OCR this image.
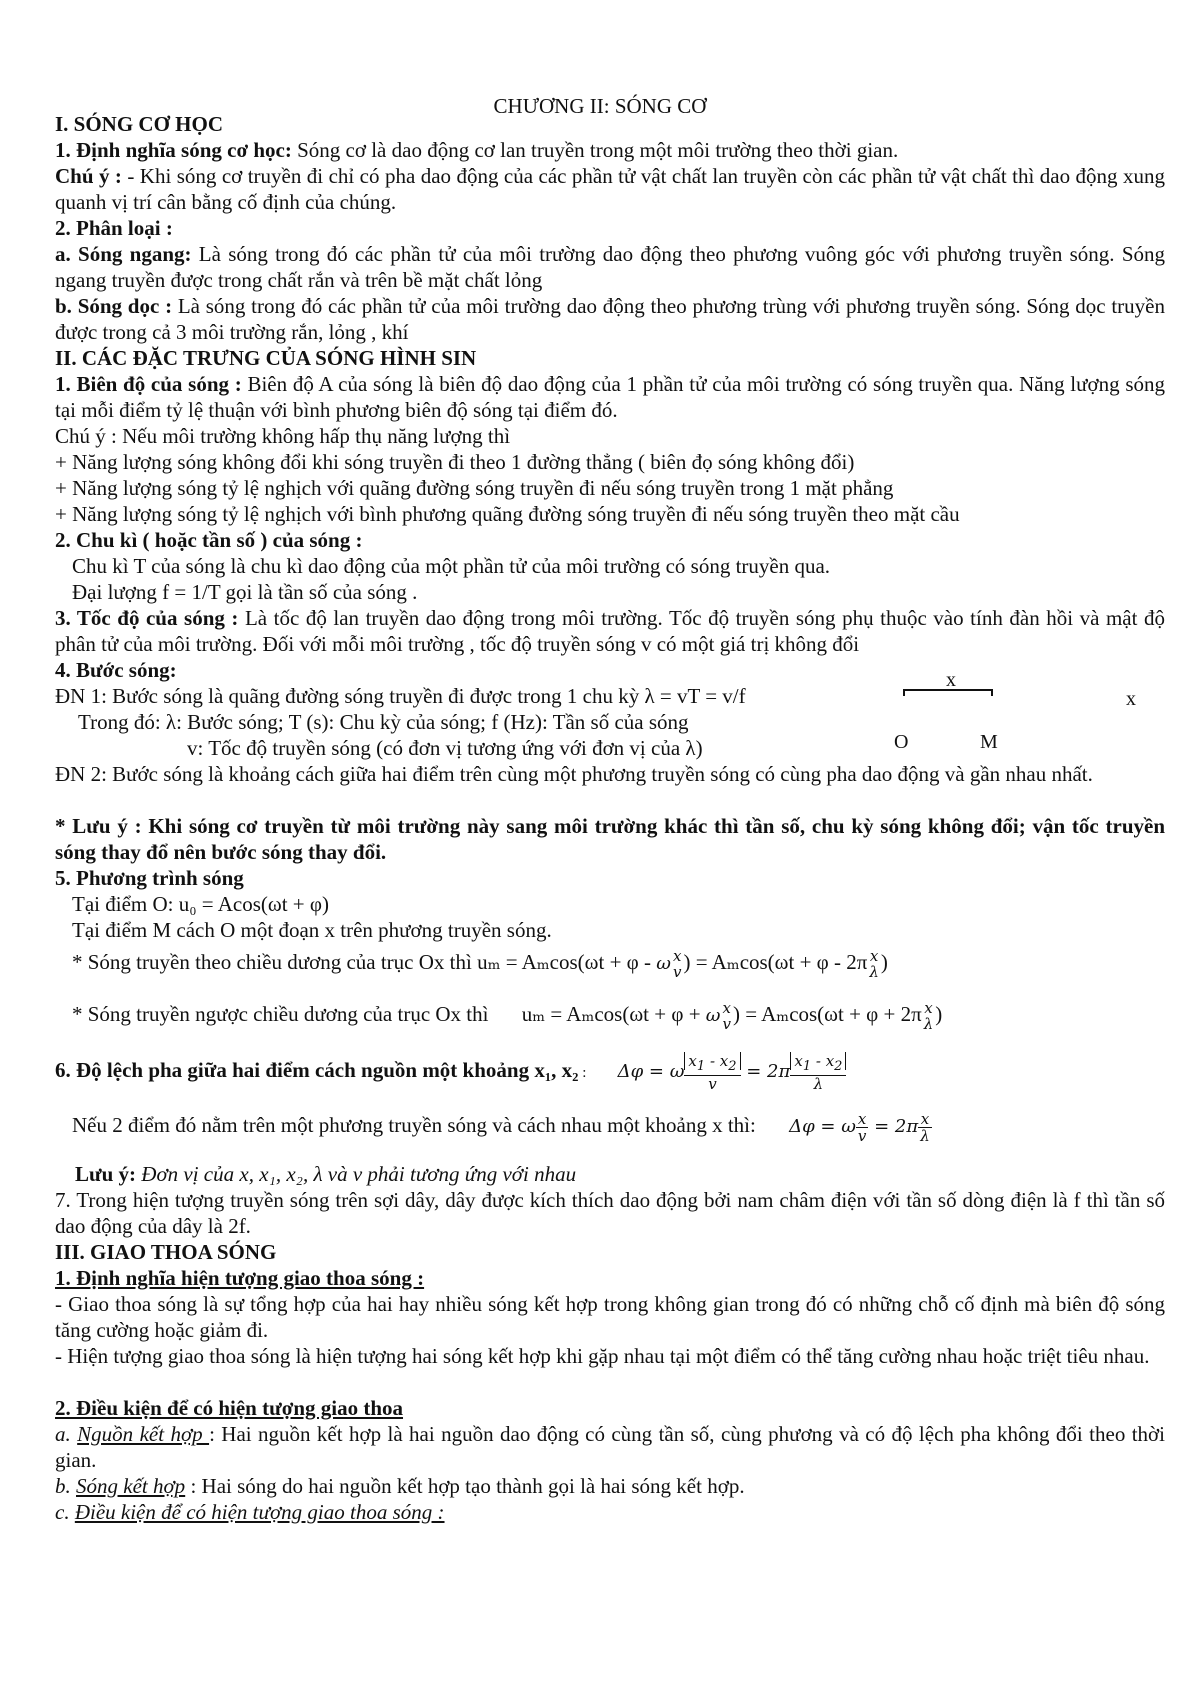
CHƯƠNG II: SÓNG CƠ
I. SÓNG CƠ HỌC
1. Định nghĩa sóng cơ học: Sóng cơ là dao động cơ lan truyền trong một môi trường theo thời gian.
Chú ý : - Khi sóng cơ truyền đi chỉ có pha dao động của các phần tử vật chất lan truyền còn các phần tử vật chất thì dao động xung quanh vị trí cân bằng cố định của chúng.
2. Phân loại :
a. Sóng ngang: Là sóng trong đó các phần tử của môi trường dao động theo phương vuông góc với phương truyền sóng. Sóng ngang truyền được trong chất rắn và trên bề mặt chất lỏng
b. Sóng dọc : Là sóng trong đó các phần tử của môi trường dao động theo phương trùng với phương truyền sóng. Sóng dọc truyền được trong cả 3 môi trường rắn, lỏng , khí
II. CÁC ĐẶC TRƯNG CỦA SÓNG HÌNH SIN
1. Biên độ của sóng : Biên độ A của sóng là biên độ dao động của 1 phần tử của môi trường có sóng truyền qua. Năng lượng sóng tại mỗi điểm tỷ lệ thuận với bình phương biên độ sóng tại điểm đó.
Chú ý : Nếu môi trường không hấp thụ năng lượng thì
+ Năng lượng sóng không đổi khi sóng truyền đi theo 1 đường thẳng ( biên đọ sóng không đổi)
+ Năng lượng sóng tỷ lệ nghịch với quãng đường sóng truyền đi nếu sóng truyền trong 1 mặt phẳng
+ Năng lượng sóng tỷ lệ nghịch với bình phương quãng đường sóng truyền đi nếu sóng truyền theo mặt cầu
2. Chu kì ( hoặc tần số ) của sóng :
Chu kì T của sóng là chu kì dao động của một phần tử của môi trường có sóng truyền qua.
Đại lượng f = 1/T gọi là tần số của sóng .
3. Tốc độ của sóng : Là tốc độ lan truyền dao động trong môi trường. Tốc độ truyền sóng phụ thuộc vào tính đàn hồi và mật độ phân tử của môi trường. Đối với mỗi môi trường , tốc độ truyền sóng v có một giá trị không đổi
4. Bước sóng:
ĐN 1: Bước sóng là quãng đường sóng truyền đi được trong 1 chu kỳ λ = vT = v/f
Trong đó: λ: Bước sóng; T (s): Chu kỳ của sóng; f (Hz): Tần số của sóng
v: Tốc độ truyền sóng (có đơn vị tương ứng với đơn vị của λ)
x
O	M
x
ĐN 2: Bước sóng là khoảng cách giữa hai điểm trên cùng một phương truyền sóng có cùng pha dao động và gần nhau nhất.
* Lưu ý : Khi sóng cơ truyền từ môi trường này sang môi trường khác thì tần số, chu kỳ sóng không đổi; vận tốc truyền sóng thay đổ nên bước sóng thay đổi.
5. Phương trình sóng
Tại điểm O: u₀ = Acos(ωt + φ)
Tại điểm M cách O một đoạn x trên phương truyền sóng.
* Sóng truyền theo chiều dương của trục Ox thì uₘ = Aₘcos(ωt + φ - ω x
v ) = Aₘcos(ωt + φ - 2π x
λ )
* Sóng truyền ngược chiều dương của trục Ox thì uₘ = Aₘcos(ωt + φ + ω x
v ) = Aₘcos(ωt + φ + 2π x
λ )
6. Độ lệch pha giữa hai điểm cách nguồn một khoảng x₁, x₂ : Δφ = ω $\frac{x_1 - x_2}{v} = 2\pi \frac{x_1 - x_2}{\lambda}$
Nếu 2 điểm đó nằm trên một phương truyền sóng và cách nhau một khoảng x thì: Δφ = ω $\frac{x}{v} = 2\pi \frac{x}{\lambda}$
Lưu ý: Đơn vị của x, x₁, x₂, λ và v phải tương ứng với nhau
7. Trong hiện tượng truyền sóng trên sợi dây, dây được kích thích dao động bởi nam châm điện với tần số dòng điện là f thì tần số dao động của dây là 2f.
III. GIAO THOA SÓNG
1. Định nghĩa hiện tượng giao thoa sóng :
- Giao thoa sóng là sự tổng hợp của hai hay nhiều sóng kết hợp trong không gian trong đó có những chỗ cố định mà biên độ sóng tăng cường hoặc giảm đi.
- Hiện tượng giao thoa sóng là hiện tượng hai sóng kết hợp khi gặp nhau tại một điểm có thể tăng cường nhau hoặc triệt tiêu nhau.
2. Điều kiện để có hiện tượng giao thoa
a. Nguồn kết hợp : Hai nguồn kết hợp là hai nguồn dao động có cùng tần số, cùng phương và có độ lệch pha không đổi theo thời gian.
b. Sóng kết hợp : Hai sóng do hai nguồn kết hợp tạo thành gọi là hai sóng kết hợp.
c. Điều kiện để có hiện tượng giao thoa sóng :
